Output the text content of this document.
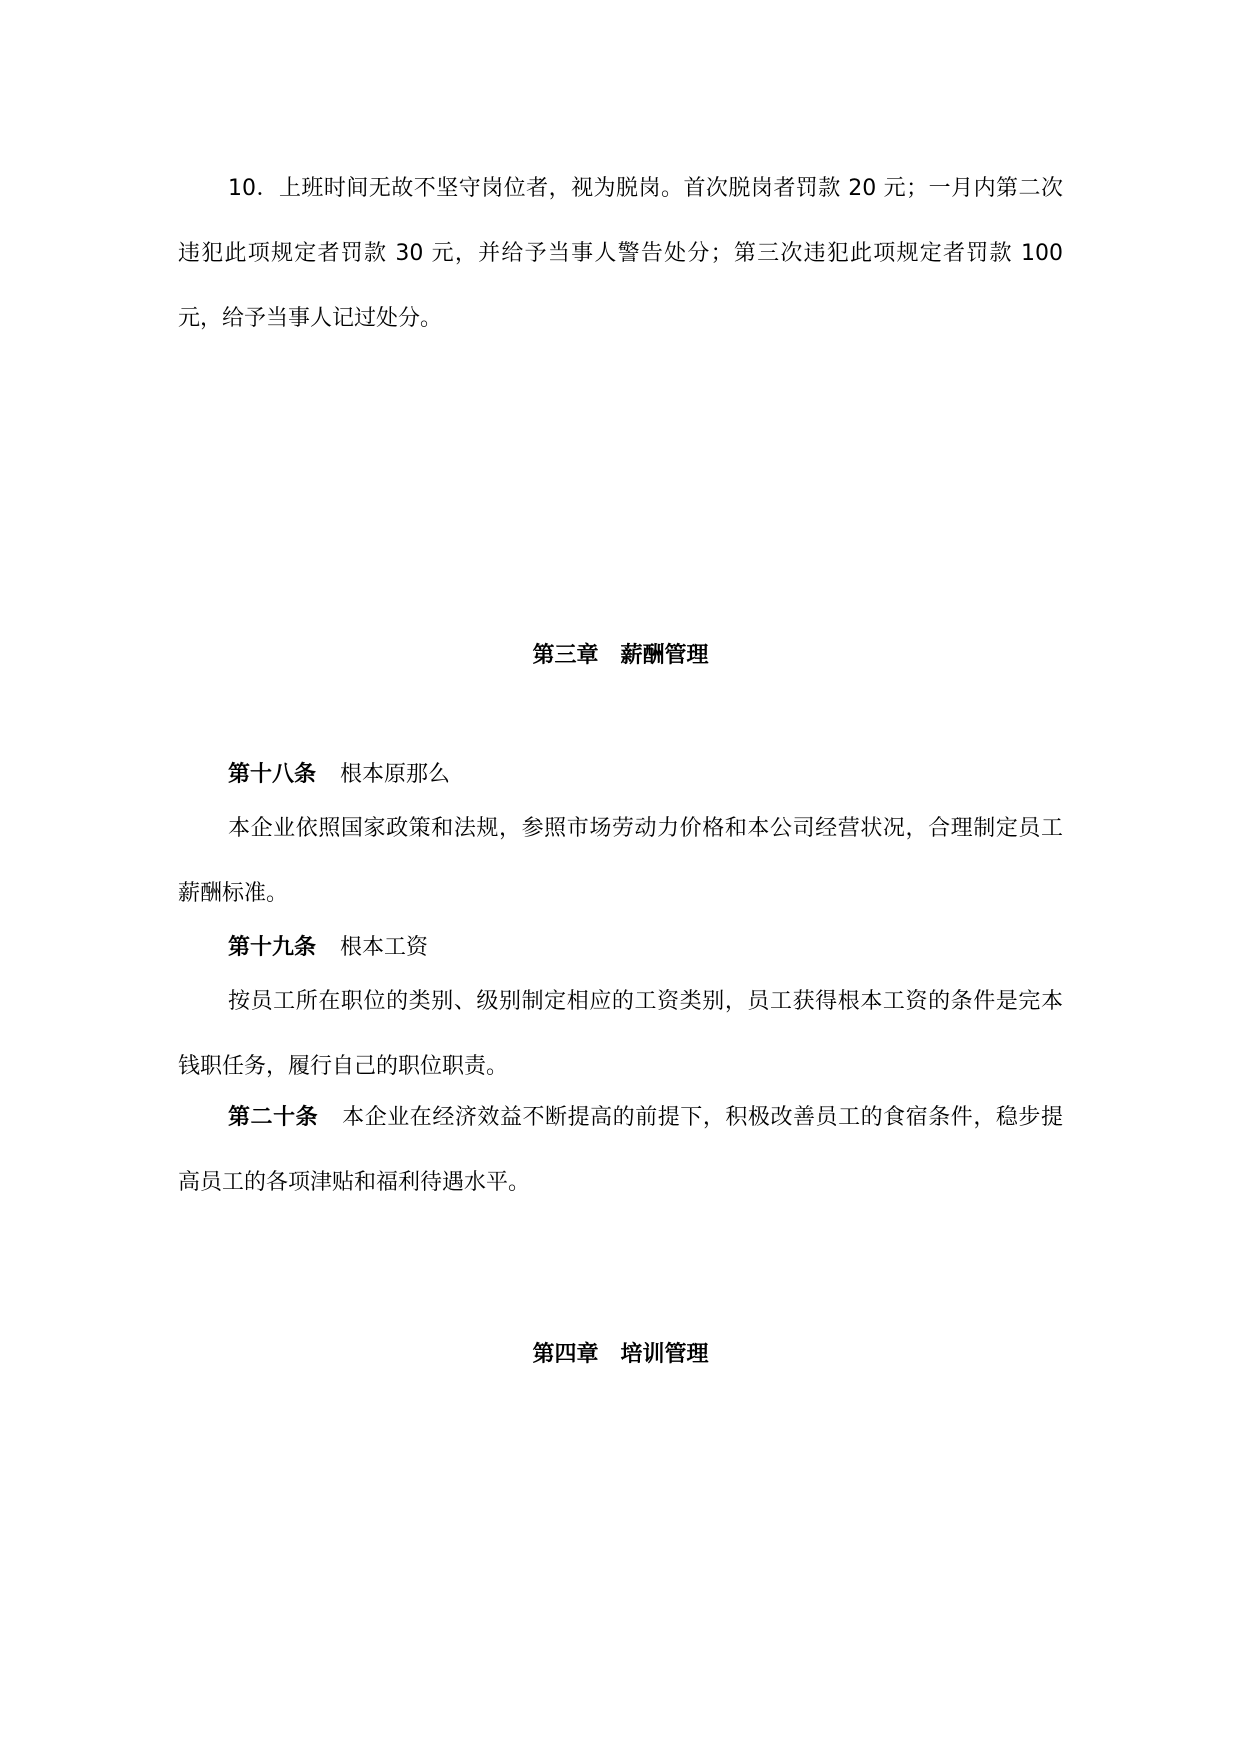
10．上班时间无故不坚守岗位者，视为脱岗。首次脱岗者罚款 20 元；一月内第二次违犯此项规定者罚款 30 元，并给予当事人警告处分；第三次违犯此项规定者罚款 100 元，给予当事人记过处分。

第三章 薪酬管理

第十八条 根本原那么

本企业依照国家政策和法规，参照市场劳动力价格和本公司经营状况，合理制定员工薪酬标准。

第十九条 根本工资

按员工所在职位的类别、级别制定相应的工资类别，员工获得根本工资的条件是完本钱职任务，履行自己的职位职责。

第二十条 本企业在经济效益不断提高的前提下，积极改善员工的食宿条件，稳步提高员工的各项津贴和福利待遇水平。

第四章 培训管理
